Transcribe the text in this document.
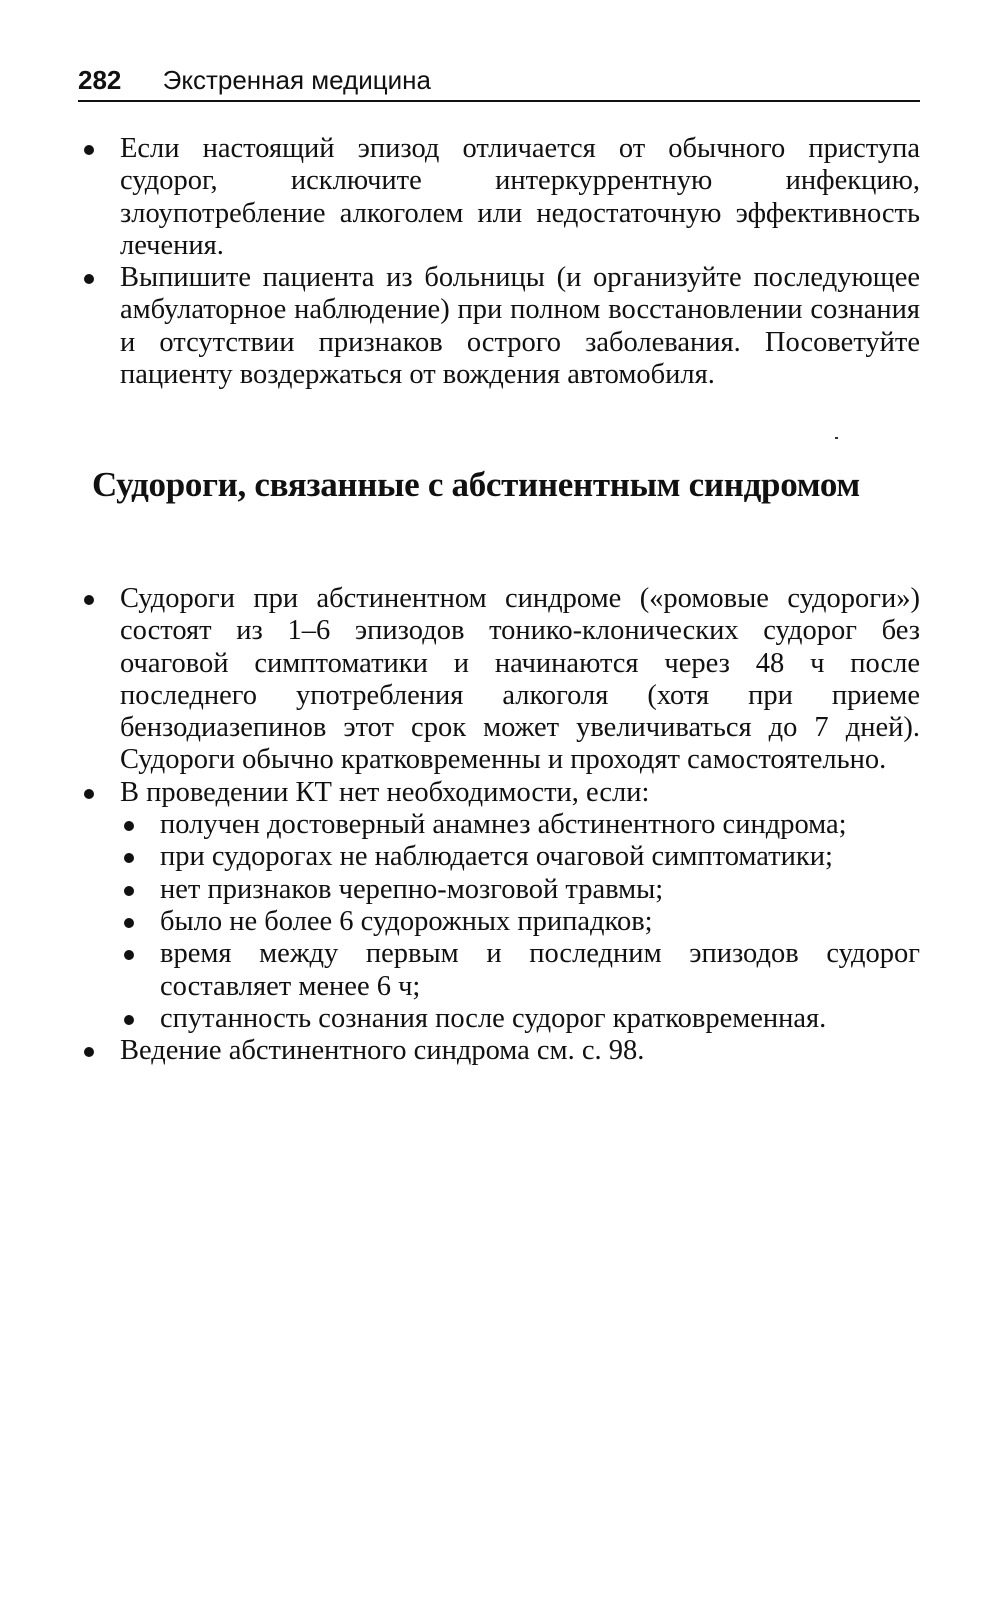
282 Экстренная медицина
Если настоящий эпизод отличается от обычного приступа судорог, исключите интеркуррентную инфекцию, злоупотребление алкоголем или недостаточную эффективность лечения.
Выпишите пациента из больницы (и организуйте последующее амбулаторное наблюдение) при полном восстановлении сознания и отсутствии признаков острого заболевания. Посоветуйте пациенту воздержаться от вождения автомобиля.
Судороги, связанные с абстинентным синдромом
Судороги при абстинентном синдроме («ромовые судороги») состоят из 1–6 эпизодов тонико-клонических судорог без очаговой симптоматики и начинаются через 48 ч после последнего употребления алкоголя (хотя при приеме бензодиазепинов этот срок может увеличиваться до 7 дней). Судороги обычно кратковременны и проходят самостоятельно.
В проведении КТ нет необходимости, если:
получен достоверный анамнез абстинентного синдрома;
при судорогах не наблюдается очаговой симптоматики;
нет признаков черепно-мозговой травмы;
было не более 6 судорожных припадков;
время между первым и последним эпизодов судорог составляет менее 6 ч;
спутанность сознания после судорог кратковременная.
Ведение абстинентного синдрома см. с. 98.
